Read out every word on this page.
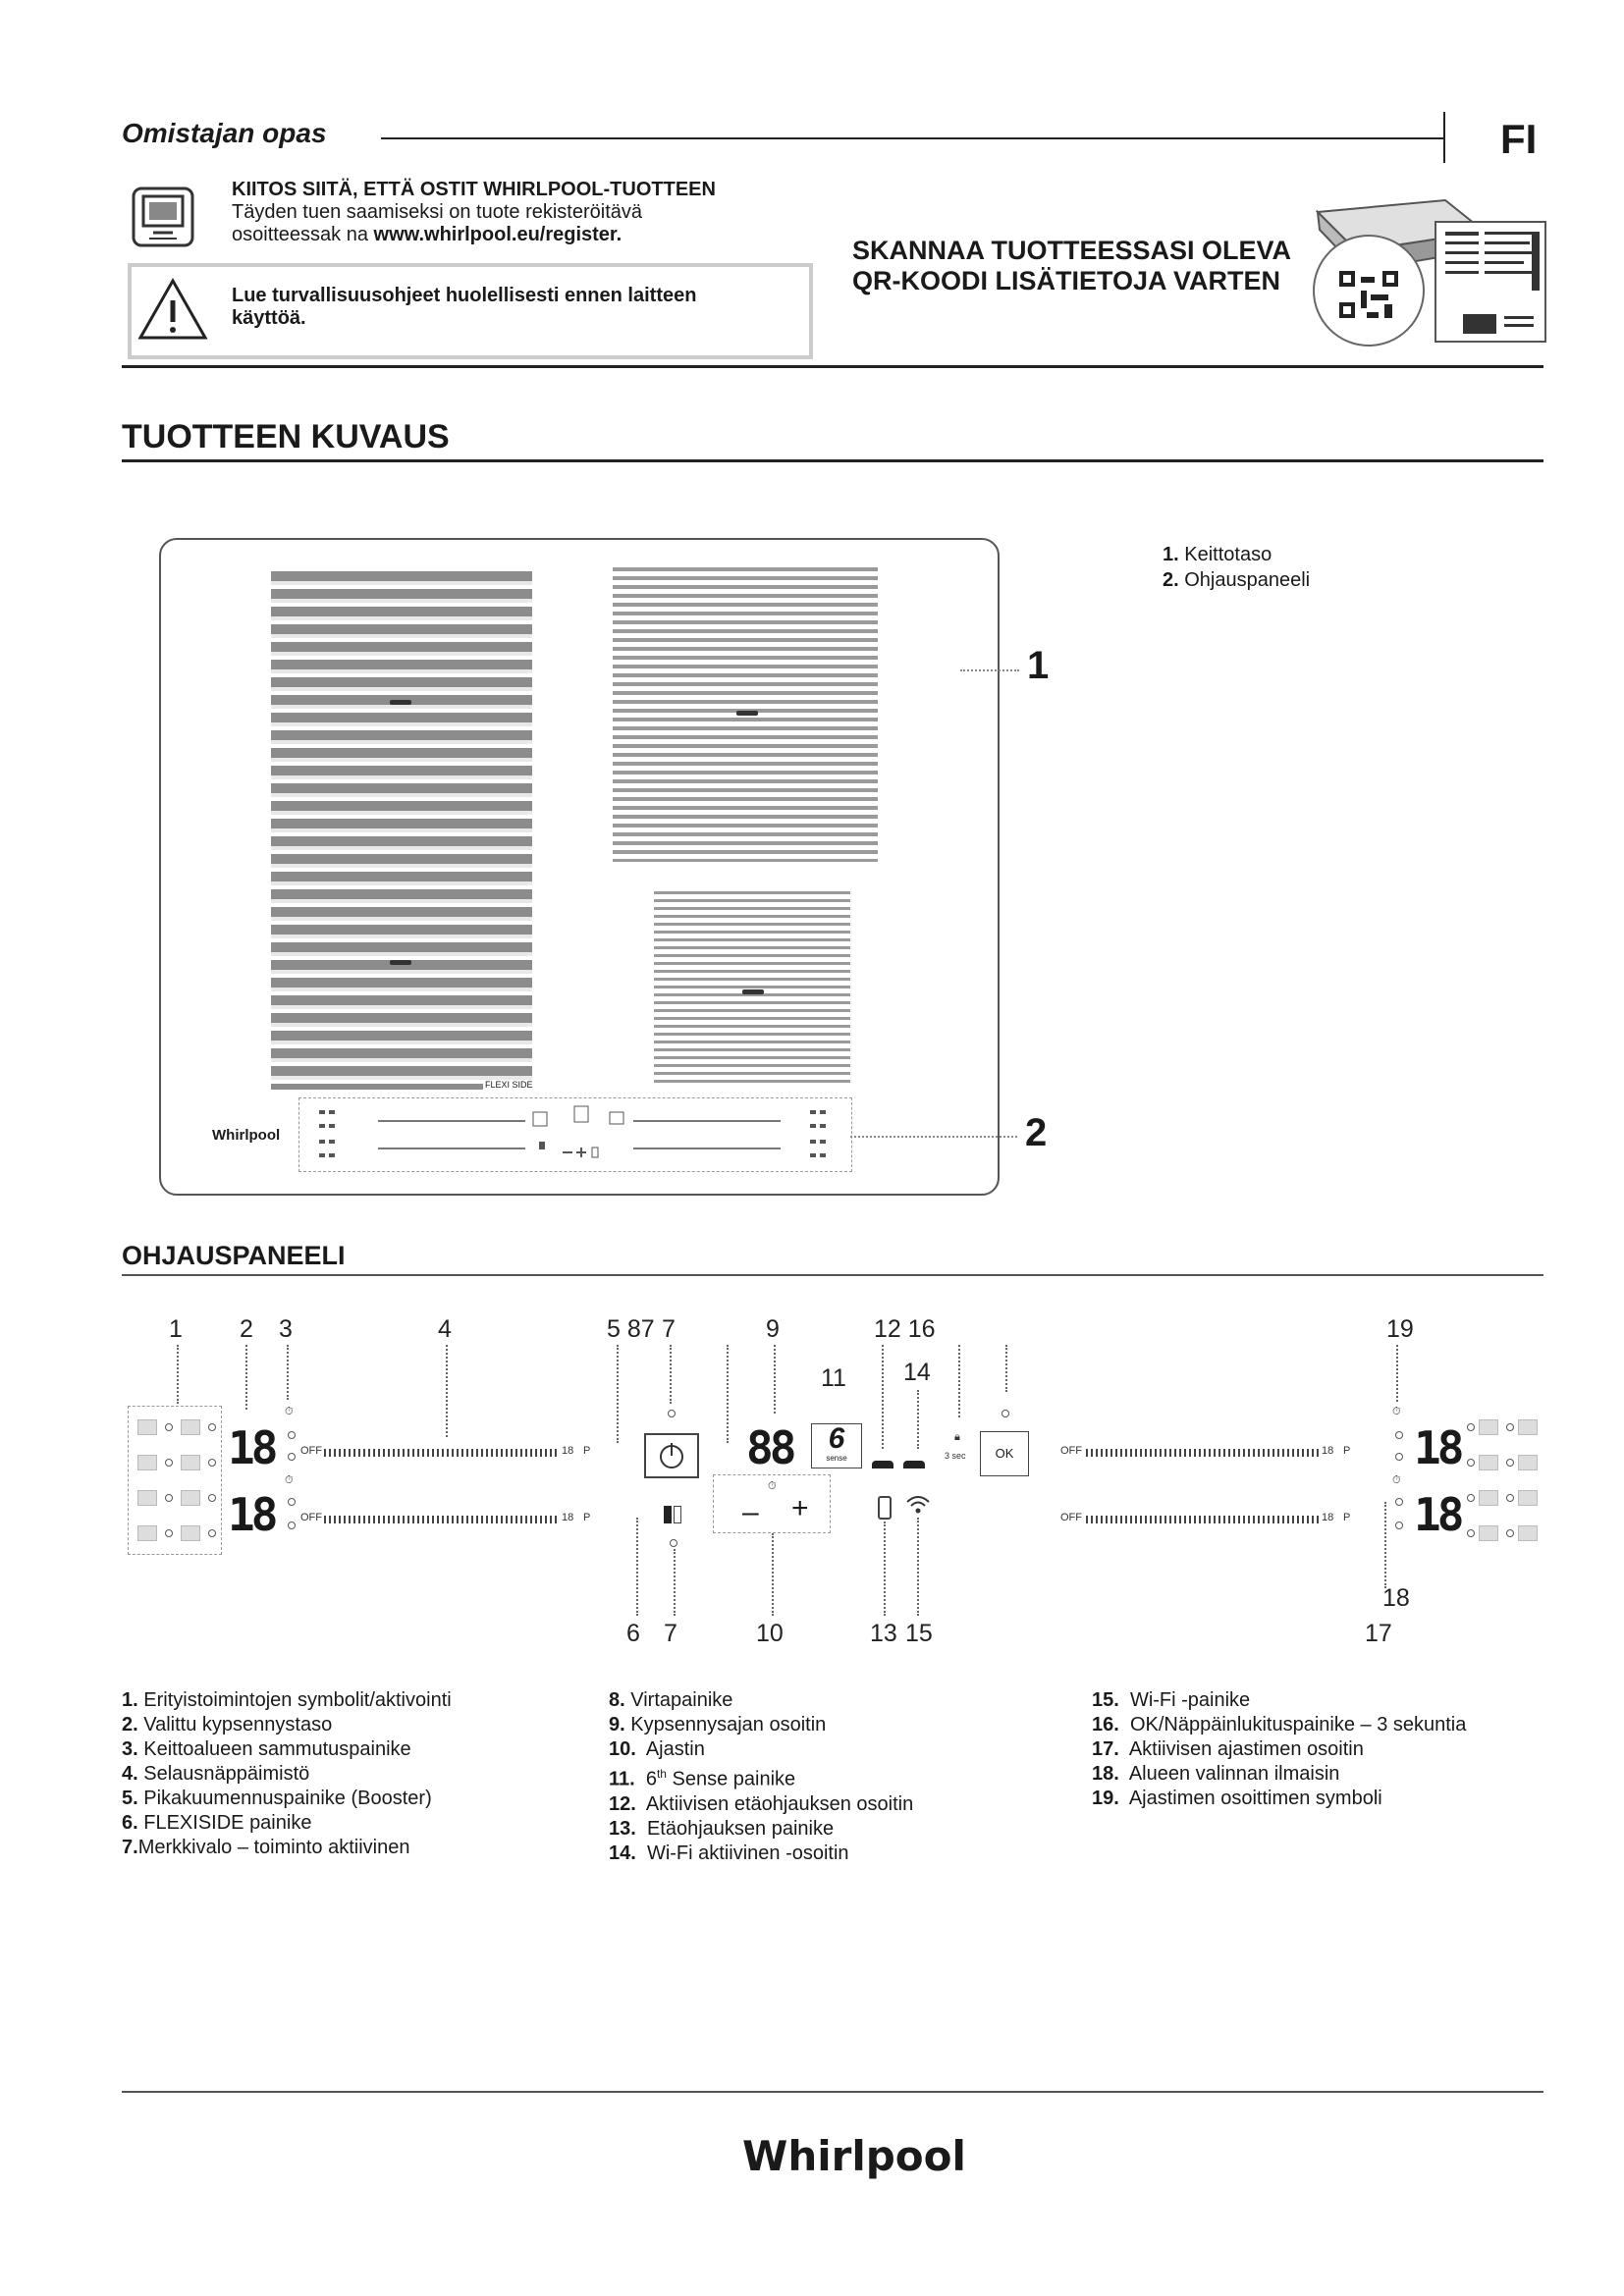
Omistajan opas	FI
KIITOS SIITÄ, ETTÄ OSTIT WHIRLPOOL-TUOTTEEN
Täyden tuen saamiseksi on tuote rekisteröitävä
osoitteessak na www.whirlpool.eu/register.
Lue turvallisuusohjeet huolellisesti ennen laitteen
käyttöä.
SKANNAA TUOTTEESSASI OLEVA
QR-KOODI LISÄTIETOJA VARTEN
TUOTTEEN KUVAUS
FLEXI SIDE
Whirlpool
1
2
1. Keittotaso
2. Ohjauspaneeli
OHJAUSPANEELI
1 2 3	4	5 87 7	9
11
12 16
14
19
18
18
⏱
⏱
OFF	18 P
OFF	18 P
88	6
sense
⏱
– +
🔒︎
3 sec	OK	OFF	18 P
OFF	18 P
⏱
⏱
18
18
6 7	10	13 15
18
17
1. Erityistoimintojen symbolit/aktivointi
2. Valittu kypsennystaso
3. Keittoalueen sammutuspainike
4. Selausnäppäimistö
5. Pikakuumennuspainike (Booster)
6. FLEXISIDE painike
7.Merkkivalo – toiminto aktiivinen
8. Virtapainike
9. Kypsennysajan osoitin
10. Ajastin
11. 6th Sense painike
12. Aktiivisen etäohjauksen osoitin
13. Etäohjauksen painike
14. Wi-Fi aktiivinen -osoitin
15. Wi-Fi -painike
16. OK/Näppäinlukituspainike – 3 sekuntia
17. Aktiivisen ajastimen osoitin
18. Alueen valinnan ilmaisin
19. Ajastimen osoittimen symboli
Whirlpool
